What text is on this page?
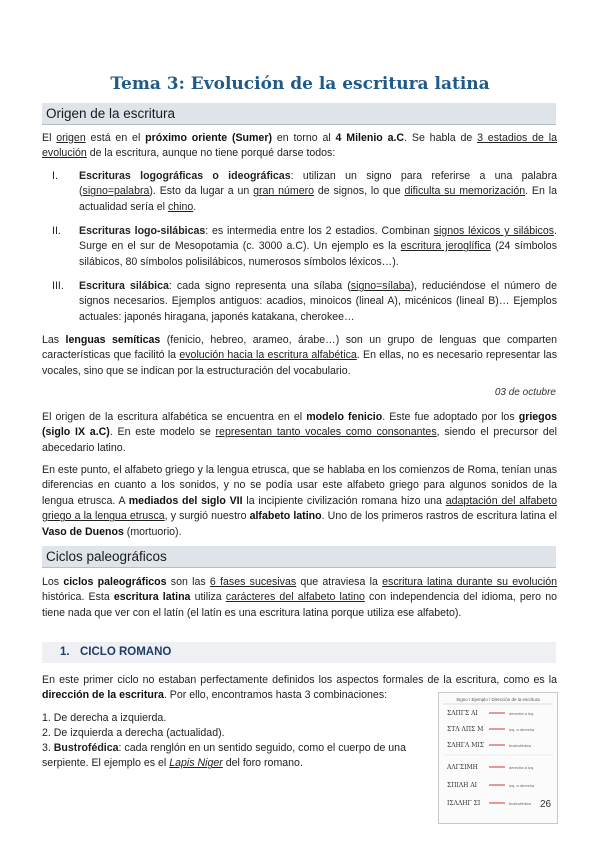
Tema 3: Evolución de la escritura latina
Origen de la escritura
El origen está en el próximo oriente (Sumer) en torno al 4 Milenio a.C. Se habla de 3 estadios de la evolución de la escritura, aunque no tiene porqué darse todos:
I.	Escrituras logográficas o ideográficas: utilizan un signo para referirse a una palabra (signo=palabra). Esto da lugar a un gran número de signos, lo que dificulta su memorización. En la actualidad sería el chino.
II.	Escrituras logo-silábicas: es intermedia entre los 2 estadios. Combinan signos léxicos y silábicos. Surge en el sur de Mesopotamia (c. 3000 a.C). Un ejemplo es la escritura jeroglífica (24 símbolos silábicos, 80 símbolos polisilábicos, numerosos símbolos léxicos…).
III.	Escritura silábica: cada signo representa una sílaba (signo=sílaba), reduciéndose el número de signos necesarios. Ejemplos antiguos: acadios, minoicos (lineal A), micénicos (lineal B)… Ejemplos actuales: japonés hiragana, japonés katakana, cherokee…
Las lenguas semíticas (fenicio, hebreo, arameo, árabe…) son un grupo de lenguas que comparten características que facilitó la evolución hacia la escritura alfabética. En ellas, no es necesario representar las vocales, sino que se indican por la estructuración del vocabulario.
03 de octubre
El origen de la escritura alfabética se encuentra en el modelo fenicio. Este fue adoptado por los griegos (siglo IX a.C). En este modelo se representan tanto vocales como consonantes, siendo el precursor del abecedario latino.
En este punto, el alfabeto griego y la lengua etrusca, que se hablaba en los comienzos de Roma, tenían unas diferencias en cuanto a los sonidos, y no se podía usar este alfabeto griego para algunos sonidos de la lengua etrusca. A mediados del siglo VII la incipiente civilización romana hizo una adaptación del alfabeto griego a la lengua etrusca, y surgió nuestro alfabeto latino. Uno de los primeros rastros de escritura latina el Vaso de Duenos (mortuorio).
Ciclos paleográficos
Los ciclos paleográficos son las 6 fases sucesivas que atraviesa la escritura latina durante su evolución histórica. Esta escritura latina utiliza carácteres del alfabeto latino con independencia del idioma, pero no tiene nada que ver con el latín (el latín es una escritura latina porque utiliza ese alfabeto).
1. CICLO ROMANO
En este primer ciclo no estaban perfectamente definidos los aspectos formales de la escritura, como es la dirección de la escritura. Por ello, encontramos hasta 3 combinaciones:
1. De derecha a izquierda.
2. De izquierda a derecha (actualidad).
3. Bustrofédica: cada renglón en un sentido seguido, como el cuerpo de una serpiente. El ejemplo es el Lapis Niger del foro romano.
Signo / Ejemplo / Dirección de la escritura
ΣΛΠΓΣ ΑΙ	derecha a izq.
ΣΤΛ ΛΠΣ Μ	izq. a derecha
ΣΛΗΓΛ ΜΙΣ	bustrofédica
ΑΛΓΣΙΜΗ	derecha a izq.
ΣΠΙΛΗ ΑΙ	izq. a derecha
ΙΣΛΛΗΓ ΣΙ	bustrofédica 26
